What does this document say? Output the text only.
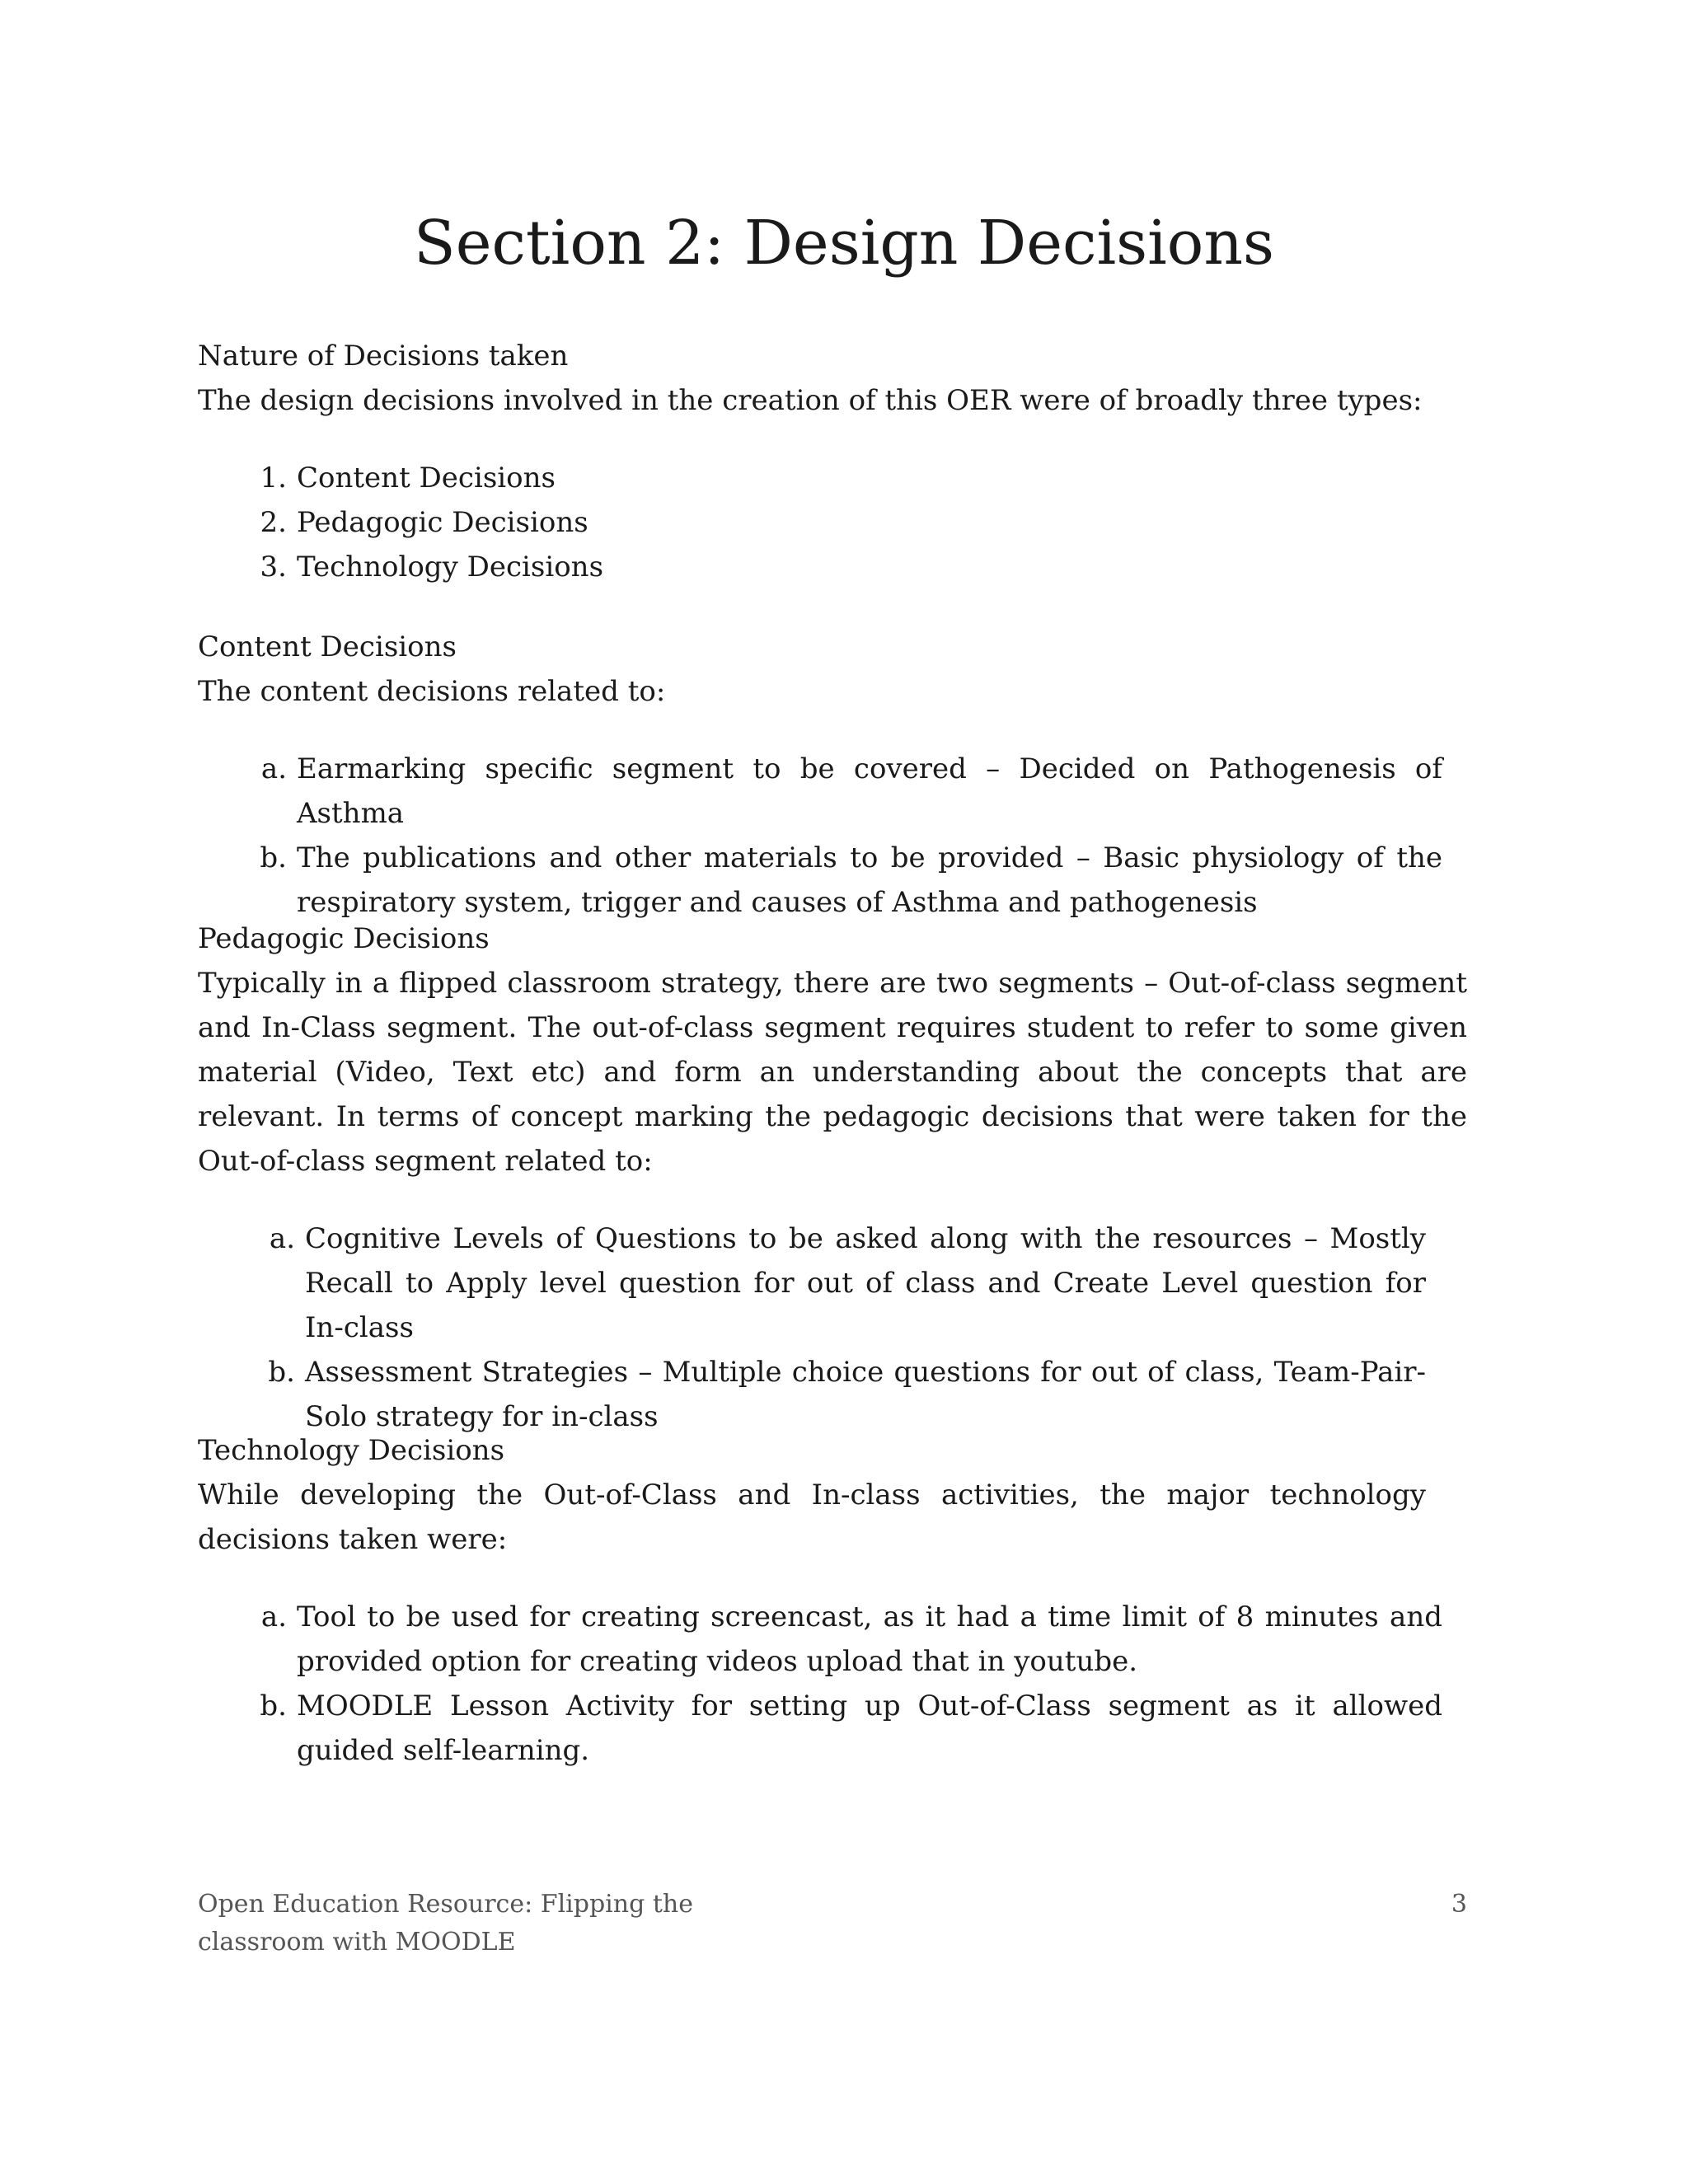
Section 2: Design Decisions

Nature of Decisions taken

The design decisions involved in the creation of this OER were of broadly three types:

1. Content Decisions
2. Pedagogic Decisions
3. Technology Decisions

Content Decisions

The content decisions related to:

a. Earmarking specific segment to be covered – Decided on Pathogenesis of Asthma
b. The publications and other materials to be provided – Basic physiology of the respiratory system, trigger and causes of Asthma and pathogenesis

Pedagogic Decisions

Typically in a flipped classroom strategy, there are two segments – Out-of-class segment and In-Class segment. The out-of-class segment requires student to refer to some given material (Video, Text etc) and form an understanding about the concepts that are relevant. In terms of concept marking the pedagogic decisions that were taken for the Out-of-class segment related to:

a. Cognitive Levels of Questions to be asked along with the resources – Mostly Recall to Apply level question for out of class and Create Level question for In-class
b. Assessment Strategies – Multiple choice questions for out of class, Team-Pair-Solo strategy for in-class

Technology Decisions

While developing the Out-of-Class and In-class activities, the major technology decisions taken were:

a. Tool to be used for creating screencast, as it had a time limit of 8 minutes and provided option for creating videos upload that in youtube.
b. MOODLE Lesson Activity for setting up Out-of-Class segment as it allowed guided self-learning.
Open Education Resource: Flipping the classroom with MOODLE
3
